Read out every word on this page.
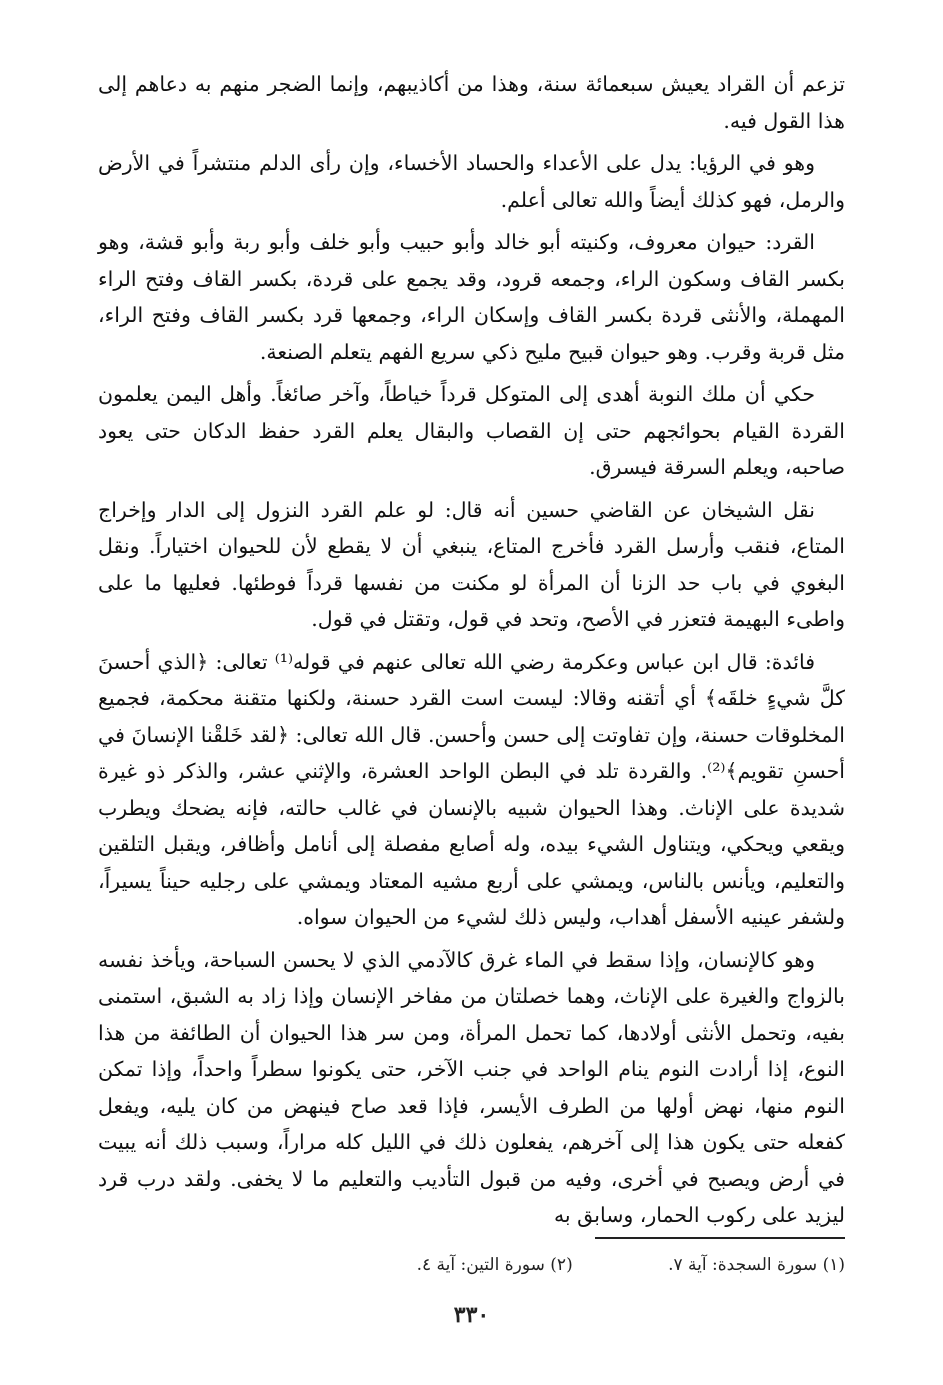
تزعم أن القراد يعيش سبعمائة سنة، وهذا من أكاذيبهم، وإنما الضجر منهم به دعاهم إلى هذا القول فيه.

وهو في الرؤيا: يدل على الأعداء والحساد الأخساء، وإن رأى الدلم منتشراً في الأرض والرمل، فهو كذلك أيضاً والله تعالى أعلم.

القرد: حيوان معروف، وكنيته أبو خالد وأبو حبيب وأبو خلف وأبو ربة وأبو قشة، وهو بكسر القاف وسكون الراء، وجمعه قرود، وقد يجمع على قردة، بكسر القاف وفتح الراء المهملة، والأنثى قردة بكسر القاف وإسكان الراء، وجمعها قرد بكسر القاف وفتح الراء، مثل قربة وقرب. وهو حيوان قبيح مليح ذكي سريع الفهم يتعلم الصنعة.

حكي أن ملك النوبة أهدى إلى المتوكل قرداً خياطاً، وآخر صائغاً. وأهل اليمن يعلمون القردة القيام بحوائجهم حتى إن القصاب والبقال يعلم القرد حفظ الدكان حتى يعود صاحبه، ويعلم السرقة فيسرق.

نقل الشيخان عن القاضي حسين أنه قال: لو علم القرد النزول إلى الدار وإخراج المتاع، فنقب وأرسل القرد فأخرج المتاع، ينبغي أن لا يقطع لأن للحيوان اختياراً. ونقل البغوي في باب حد الزنا أن المرأة لو مكنت من نفسها قرداً فوطئها. فعليها ما على واطىء البهيمة فتعزر في الأصح، وتحد في قول، وتقتل في قول.

فائدة: قال ابن عباس وعكرمة رضي الله تعالى عنهم في قوله⁽¹⁾ تعالى: ﴿الذي أحسنَ كلَّ شيءٍ خلقَه﴾ أي أتقنه وقالا: ليست است القرد حسنة، ولكنها متقنة محكمة، فجميع المخلوقات حسنة، وإن تفاوتت إلى حسن وأحسن. قال الله تعالى: ﴿لقد خَلقْنا الإنسانَ في أحسنِ تقويم﴾⁽²⁾. والقردة تلد في البطن الواحد العشرة، والإثني عشر، والذكر ذو غيرة شديدة على الإناث. وهذا الحيوان شبيه بالإنسان في غالب حالته، فإنه يضحك ويطرب ويقعي ويحكي، ويتناول الشيء بيده، وله أصابع مفصلة إلى أنامل وأظافر، ويقبل التلقين والتعليم، ويأنس بالناس، ويمشي على أربع مشيه المعتاد ويمشي على رجليه حيناً يسيراً، ولشفر عينيه الأسفل أهداب، وليس ذلك لشيء من الحيوان سواه.

وهو كالإنسان، وإذا سقط في الماء غرق كالآدمي الذي لا يحسن السباحة، ويأخذ نفسه بالزواج والغيرة على الإناث، وهما خصلتان من مفاخر الإنسان وإذا زاد به الشبق، استمنى بفيه، وتحمل الأنثى أولادها، كما تحمل المرأة، ومن سر هذا الحيوان أن الطائفة من هذا النوع، إذا أرادت النوم ينام الواحد في جنب الآخر، حتى يكونوا سطراً واحداً، وإذا تمكن النوم منها، نهض أولها من الطرف الأيسر، فإذا قعد صاح فينهض من كان يليه، ويفعل كفعله حتى يكون هذا إلى آخرهم، يفعلون ذلك في الليل كله مراراً، وسبب ذلك أنه يبيت في أرض ويصبح في أخرى، وفيه من قبول التأديب والتعليم ما لا يخفى. ولقد درب قرد ليزيد على ركوب الحمار، وسابق به

(١) سورة السجدة: آية ٧. (٢) سورة التين: آية ٤.
٣٣٠
